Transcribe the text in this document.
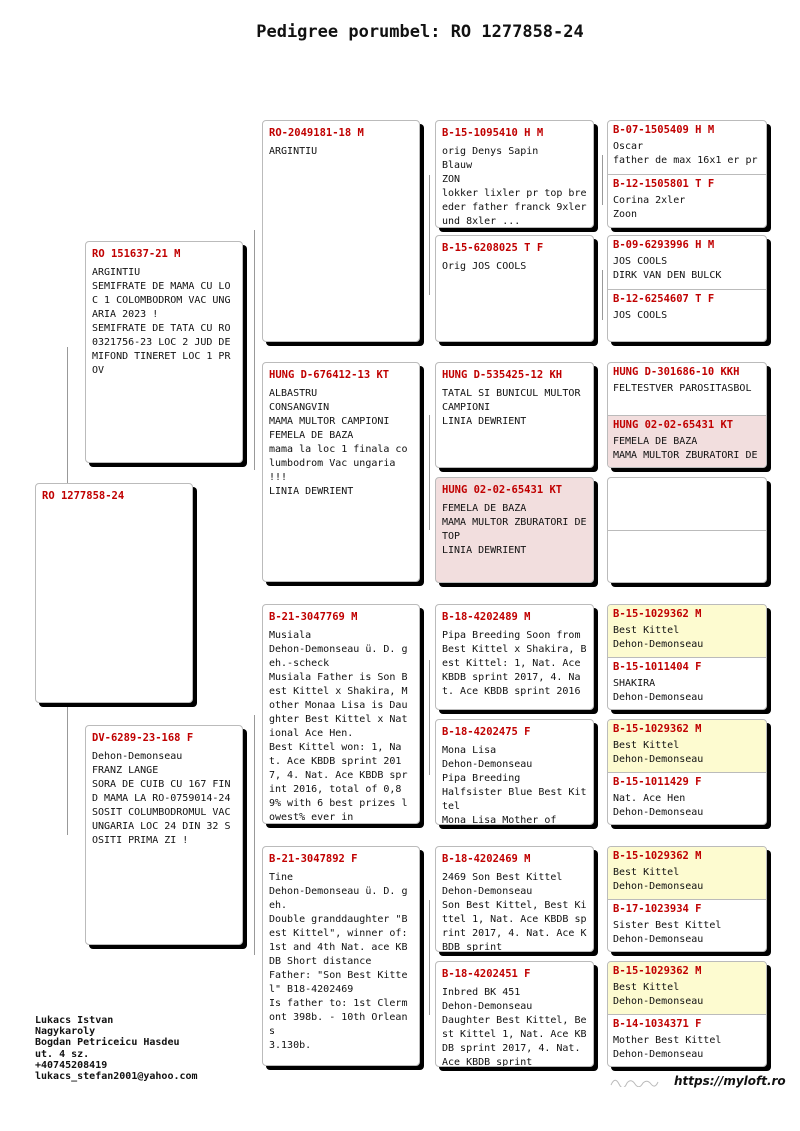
Pedigree porumbel: RO 1277858-24
RO 1277858-24
RO 151637-21 M
ARGINTIU
SEMIFRATE DE MAMA CU LOC 1 COLOMBODROM VAC UNGARIA 2023 !
SEMIFRATE DE TATA CU RO 0321756-23 LOC 2 JUD DEMIFOND TINERET LOC 1 PROV
DV-6289-23-168 F
Dehon-Demonseau
FRANZ LANGE
SORA DE CUIB CU 167 FIND MAMA LA RO-0759014-24 SOSIT COLUMBODROMUL VAC UNGARIA LOC 24 DIN 32 SOSITI PRIMA ZI !
RO-2049181-18 M
ARGINTIU
HUNG D-676412-13 KT
ALBASTRU
CONSANGVIN
MAMA MULTOR CAMPIONI
FEMELA DE BAZA
mama la loc 1 finala columbodrom Vac ungaria !!!
LINIA DEWRIENT
B-21-3047769 M
Musiala
Dehon-Demonseau ü. D. geh.-scheck
Musiala Father is Son Best Kittel x Shakira, Mother Monaa Lisa is Daughter Best Kittel x National Ace Hen.
Best Kittel won: 1, Nat. Ace KBDB sprint 2017, 4. Nat. Ace KBDB sprint 2016, total of 0,89% with 6 best prizes lowest% ever in
B-21-3047892 F
Tine
Dehon-Demonseau ü. D. geh.
Double granddaughter "Best Kittel", winner of:
1st and 4th Nat. ace KBDB Short distance
Father: "Son Best Kittel" B18-4202469
Is father to: 1st Clermont 398b. - 10th Orleans
3.130b.
B-15-1095410 H M
orig Denys Sapin
Blauw
ZON
lokker lixler pr top breeder father franck 9xler und 8xler ...
B-15-6208025 T F
Orig JOS COOLS
HUNG D-535425-12 KH
TATAL SI BUNICUL MULTOR CAMPIONI
LINIA DEWRIENT
HUNG 02-02-65431 KT
FEMELA DE BAZA
MAMA MULTOR ZBURATORI DE TOP
LINIA DEWRIENT
B-18-4202489 M
Pipa Breeding Soon from Best Kittel x Shakira, Best Kittel: 1, Nat. Ace KBDB sprint 2017, 4. Nat. Ace KBDB sprint 2016
B-18-4202475 F
Mona Lisa
Dehon-Demonseau
Pipa Breeding
Halfsister Blue Best Kittel
Mona Lisa Mother of
B-18-4202469 M
2469 Son Best Kittel
Dehon-Demonseau
Son Best Kittel, Best Kittel 1, Nat. Ace KBDB sprint 2017, 4. Nat. Ace KBDB sprint
B-18-4202451 F
Inbred BK 451
Dehon-Demonseau
Daughter Best Kittel, Best Kittel 1, Nat. Ace KBDB sprint 2017, 4. Nat. Ace KBDB sprint
B-07-1505409 H M
Oscar
father de max 16x1 er pr
B-12-1505801 T F
Corina 2xler
Zoon
B-09-6293996 H M
JOS COOLS
DIRK VAN DEN BULCK
B-12-6254607 T F
JOS COOLS
HUNG D-301686-10 KKH
FELTESTVER PAROSITASBOL
HUNG 02-02-65431 KT
FEMELA DE BAZA
MAMA MULTOR ZBURATORI DE
B-15-1029362 M
Best Kittel
Dehon-Demonseau
B-15-1011404 F
SHAKIRA
Dehon-Demonseau
B-15-1029362 M
Best Kittel
Dehon-Demonseau
B-15-1011429 F
Nat. Ace Hen
Dehon-Demonseau
B-15-1029362 M
Best Kittel
Dehon-Demonseau
B-17-1023934 F
Sister Best Kittel
Dehon-Demonseau
B-15-1029362 M
Best Kittel
Dehon-Demonseau
B-14-1034371 F
Mother Best Kittel
Dehon-Demonseau
Lukacs Istvan
Nagykaroly
Bogdan Petriceicu Hasdeu
ut. 4 sz.
+40745208419
lukacs_stefan2001@yahoo.com	https://myloft.ro
